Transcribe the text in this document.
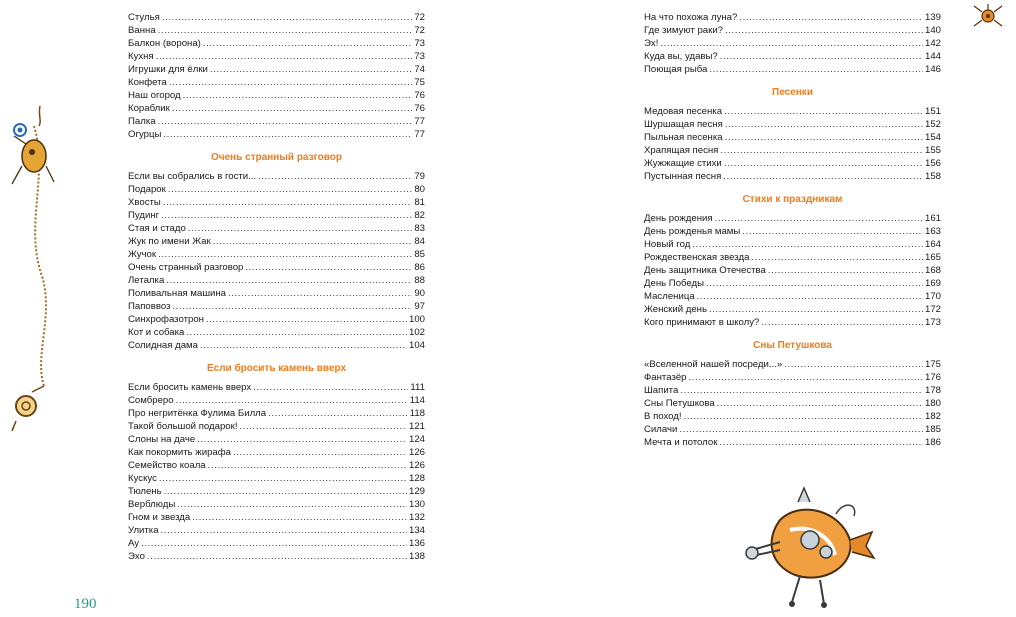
Стулья .....	72
Ванна .....	72
Балкон (ворона) .....	73
Кухня .....	73
Игрушки для ёлки .....	74
Конфета .....	75
Наш огород .....	76
Кораблик .....	76
Палка .....	77
Огурцы .....	77
Очень странный разговор
Если вы собрались в гости... .....	79
Подарок .....	80
Хвосты .....	81
Пудинг .....	82
Стая и стадо .....	83
Жук по имени Жак .....	84
Жучок .....	85
Очень странный разговор .....	86
Леталка .....	88
Поливальная машина .....	90
Паповвоз .....	97
Синхрофазотрон .....	100
Кот и собака .....	102
Солидная дама .....	104
Если бросить камень вверх
Если бросить камень вверх .....	111
Сомбреро .....	114
Про негритёнка Фулима Билла .....	118
Такой большой подарок! .....	121
Слоны на даче .....	124
Как покормить жирафа .....	126
Семейство коала .....	126
Кускус .....	128
Тюлень .....	129
Верблюды .....	130
Гном и звезда .....	132
Улитка .....	134
Ау .....	136
Эхо .....	138
На что похожа луна? .....	139
Где зимуют раки? .....	140
Эх! .....	142
Куда вы, удавы? .....	144
Поющая рыба .....	146
Песенки
Медовая песенка .....	151
Шуршащая песня .....	152
Пыльная песенка .....	154
Храпящая песня .....	155
Жужжащие стихи .....	156
Пустынная песня .....	158
Стихи к праздникам
День рождения .....	161
День рожденья мамы .....	163
Новый год .....	164
Рождественская звезда .....	165
День защитника Отечества .....	168
День Победы .....	169
Масленица .....	170
Женский день .....	172
Кого принимают в школу? .....	173
Сны Петушкова
«Вселенной нашей посреди...» .....	175
Фантазёр .....	176
Шапита .....	178
Сны Петушкова .....	180
В поход! .....	182
Силачи .....	185
Мечта и потолок .....	186
190
